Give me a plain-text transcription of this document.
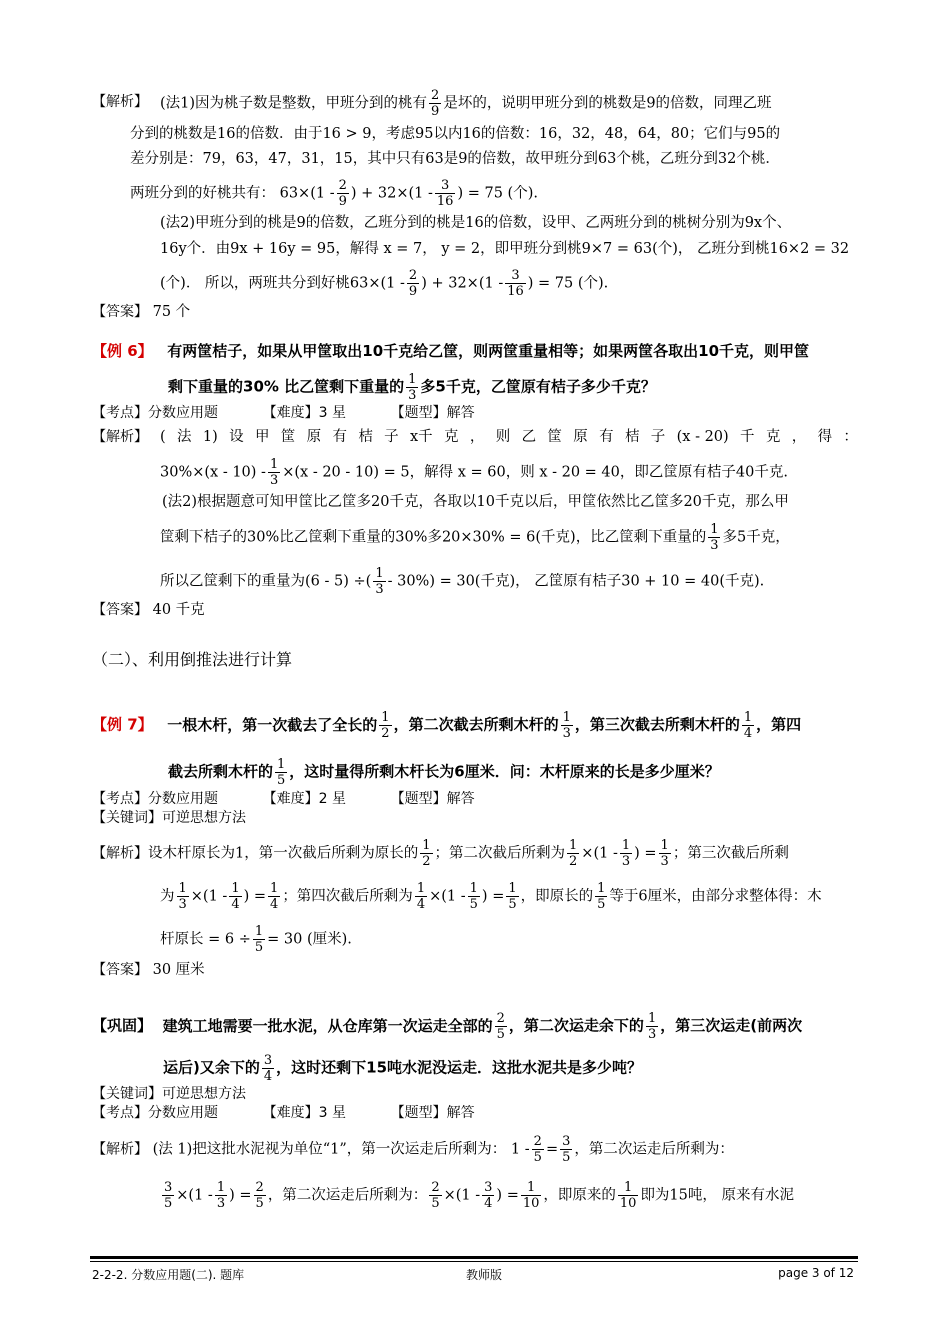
【解析】 (法1)因为桃子数是整数，甲班分到的桃有 $\frac{2}{9}$ 是坏的，说明甲班分到的桃数是9的倍数，同理乙班
分到的桃数是16的倍数．由于16 > 9，考虑95以内16的倍数：16，32，48，64，80；它们与95的
差分别是：79，63，47，31，15，其中只有63是9的倍数，故甲班分到63个桃，乙班分到32个桃．
两班分到的好桃共有： $63\times(1 - \frac{2}{9}$ ) + $32\times(1 - \frac{3}{16}$ ) = 75 (个).
(法2)甲班分到的桃是9的倍数，乙班分到的桃是16的倍数，设甲、乙两班分到的桃树分别为9x个、
16y个．由9x + 16y = 95，解得 x = 7， y = 2，即甲班分到桃9×7 = 63(个)， 乙班分到桃16×2 = 32
(个)． 所以，两班共分到好桃$63\times(1 - \frac{2}{9}$ ) + $32\times(1 - \frac{3}{16}$ ) = 75 (个).
【答案】 75 个
【例 6】 有两筐桔子，如果从甲筐取出10千克给乙筐，则两筐重量相等；如果两筐各取出10千克，则甲筐
剩下重量的30% 比乙筐剩下重量的 $\frac{1}{3}$ 多5千克，乙筐原有桔子多少千克？
【考点】分数应用题	【难度】3 星	【题型】解答
【解析】 ( 法 1) 设 甲 筐 原 有 桔 子 x千 克 ， 则 乙 筐 原 有 桔 子 (x - 20) 千 克 ， 得 ：
$30\%\times(x - 10) - \frac{1}{3} \times(x - 20 - 10) = 5$，解得 x = 60，则 x - 20 = 40，即乙筐原有桔子40千克.
(法2)根据题意可知甲筐比乙筐多20千克，各取以10千克以后，甲筐依然比乙筐多20千克，那么甲
筐剩下桔子的30%比乙筐剩下重量的30%多20×30% = 6(千克)，比乙筐剩下重量的 $\frac{1}{3}$ 多5千克，
所以乙筐剩下的重量为(6 - 5) ÷( $\frac{1}{3} - 30\%) = 30$(千克)， 乙筐原有桔子30 + 10 = 40(千克).
【答案】 40 千克
（二）、利用倒推法进行计算
【例 7】 一根木杆，第一次截去了全长的 $\frac{1}{2}$ ，第二次截去所剩木杆的 $\frac{1}{3}$ ，第三次截去所剩木杆的 $\frac{1}{4}$ ，第四
截去所剩木杆的 $\frac{1}{5}$ ，这时量得所剩木杆长为6厘米．问：木杆原来的长是多少厘米？
【考点】分数应用题	【难度】2 星	【题型】解答
【关键词】可逆思想方法
【解析】设木杆原长为1，第一次截后所剩为原长的 $\frac{1}{2}$ ；第二次截后所剩为 $\frac{1}{2} \times(1 - \frac{1}{3}$ ) = $\frac{1}{3}$ ；第三次截后所剩
为 $\frac{1}{3} \times(1 - \frac{1}{4}$ ) = $\frac{1}{4}$ ；第四次截后所剩为 $\frac{1}{4} \times(1 - \frac{1}{5}$ ) = $\frac{1}{5}$ ，即原长的 $\frac{1}{5}$ 等于6厘米，由部分求整体得：木
杆原长 = $6 \div \frac{1}{5} = 30$ (厘米).
【答案】 30 厘米
【巩固】 建筑工地需要一批水泥，从仓库第一次运走全部的 $\frac{2}{5}$ ，第二次运走余下的 $\frac{1}{3}$ ，第三次运走(前两次
运后)又余下的 $\frac{3}{4}$ ，这时还剩下15吨水泥没运走．这批水泥共是多少吨？
【关键词】可逆思想方法
【考点】分数应用题	【难度】3 星	【题型】解答
【解析】 (法 1)把这批水泥视为单位“1”，第一次运走后所剩为： $1 - \frac{2}{5} = \frac{3}{5}$ ，第二次运走后所剩为：
$\frac{3}{5} \times(1 - \frac{1}{3}$ ) = $\frac{2}{5}$ ，第二次运走后所剩为： $\frac{2}{5} \times(1 - \frac{3}{4}$ ) = $\frac{1}{10}$ ，即原来的 $\frac{1}{10}$ 即为15吨， 原来有水泥
2-2-2. 分数应用题(二). 题库	教师版	page 3 of 12
